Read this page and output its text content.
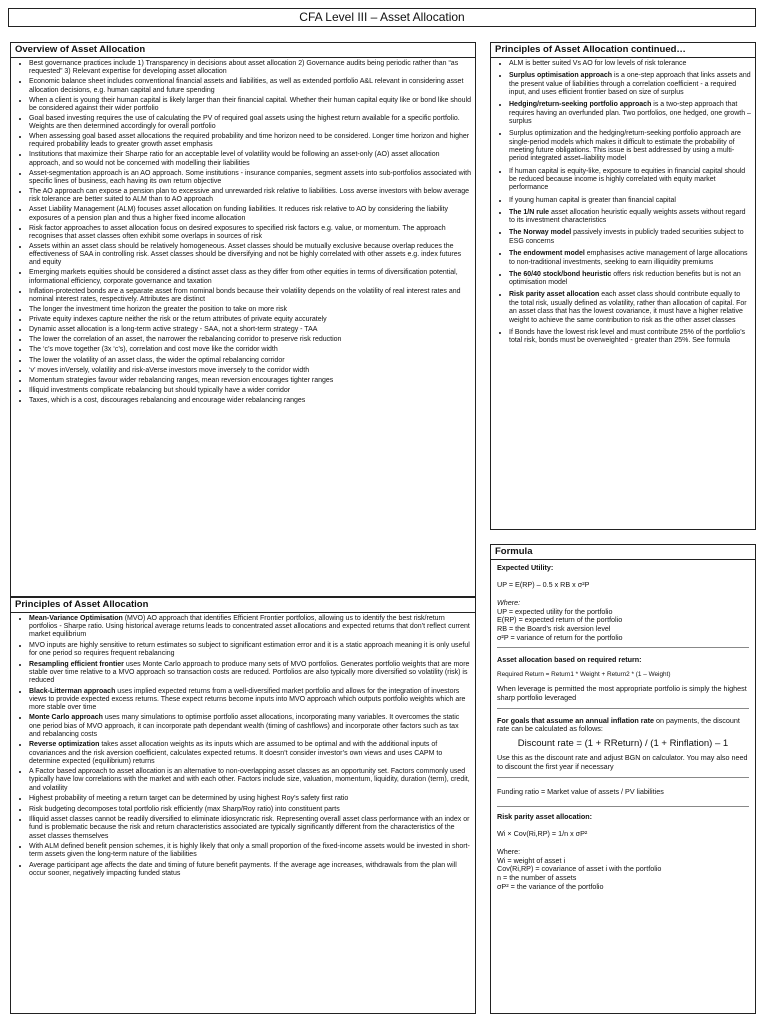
CFA Level III – Asset Allocation
Overview of Asset Allocation
• Best governance practices include 1) Transparency in decisions about asset allocation 2) Governance audits being periodic rather than “as requested” 3) Relevant expertise for developing asset allocation
• Economic balance sheet includes conventional financial assets and liabilities, as well as extended portfolio A&L relevant in considering asset allocation decisions, e.g. human capital and future spending
• When a client is young their human capital is likely larger than their financial capital. Whether their human capital equity like or bond like should be considered against their wider portfolio
• Goal based investing requires the use of calculating the PV of required goal assets using the highest return available for a specific portfolio. Weights are then determined accordingly for overall portfolio
• When assessing goal based asset allocations the required probability and time horizon need to be considered. Longer time horizon and higher required probability leads to greater growth asset emphasis
• Institutions that maximize their Sharpe ratio for an acceptable level of volatility would be following an asset-only (AO) asset allocation approach, and so would not be concerned with modelling their liabilities
• Asset-segmentation approach is an AO approach. Some institutions - insurance companies, segment assets into sub-portfolios associated with specific lines of business, each having its own return objective
• The AO approach can expose a pension plan to excessive and unrewarded risk relative to liabilities. Loss averse investors with below average risk tolerance are better suited to ALM than to AO approach
• Asset Liability Management (ALM) focuses asset allocation on funding liabilities. It reduces risk relative to AO by considering the liability exposures of a pension plan and thus a higher fixed income allocation
• Risk factor approaches to asset allocation focus on desired exposures to specified risk factors e.g. value, or momentum. The approach recognises that asset classes often exhibit some overlaps in sources of risk
• Assets within an asset class should be relatively homogeneous. Asset classes should be mutually exclusive because overlap reduces the effectiveness of SAA in controlling risk. Asset classes should be diversifying and not be highly correlated with other assets e.g. index futures and equity
• Emerging markets equities should be considered a distinct asset class as they differ from other equities in terms of diversification potential, informational efficiency, corporate governance and taxation
• Inflation-protected bonds are a separate asset from nominal bonds because their volatility depends on the volatility of real interest rates and nominal interest rates, respectively. Attributes are distinct
• The longer the investment time horizon the greater the position to take on more risk
• Private equity indexes capture neither the risk or the return attributes of private equity accurately
• Dynamic asset allocation is a long-term active strategy - SAA, not a short-term strategy - TAA
• The lower the correlation of an asset, the narrower the rebalancing corridor to preserve risk reduction
• The ‘c’s move together (3x ‘c’s), correlation and cost move like the corridor width
• The lower the volatility of an asset class, the wider the optimal rebalancing corridor
• ‘v’ moves inVersely, volatility and risk-aVerse investors move inversely to the corridor width
• Momentum strategies favour wider rebalancing ranges, mean reversion encourages tighter ranges
• Illiquid investments complicate rebalancing but should typically have a wider corridor
• Taxes, which is a cost, discourages rebalancing and encourage wider rebalancing ranges
Principles of Asset Allocation
• Mean-Variance Optimisation (MVO) AO approach that identifies Efficient Frontier portfolios, allowing us to identify the best risk/return portfolios - Sharpe ratio. Using historical average returns leads to concentrated asset allocations and expected returns that don’t reflect current market equilibrium
• MVO inputs are highly sensitive to return estimates so subject to significant estimation error and it is a static approach meaning it is only useful for one period so requires frequent rebalancing
• Resampling efficient frontier uses Monte Carlo approach to produce many sets of MVO portfolios. Generates portfolio weights that are more stable over time relative to a MVO approach so transaction costs are reduced. Portfolios are also typically more diversified so volatility (risk) is reduced
• Black-Litterman approach uses implied expected returns from a well-diversified market portfolio and allows for the integration of investors views to provide expected excess returns. These expect returns become inputs into MVO approach which outputs portfolio weights which are more stable over time
• Monte Carlo approach uses many simulations to optimise portfolio asset allocations, incorporating many variables. It overcomes the static one period bias of MVO approach, it can incorporate path dependant wealth (timing of cashflows) and incorporate other factors such as tax and rebalancing costs
• Reverse optimization takes asset allocation weights as its inputs which are assumed to be optimal and with the additional inputs of covariances and the risk aversion coefficient, calculates expected returns. It doesn’t consider investor’s own views and uses CAPM to determine expected (equilibrium) returns
• A Factor based approach to asset allocation is an alternative to non-overlapping asset classes as an opportunity set. Factors commonly used typically have low correlations with the market and with each other. Factors include size, valuation, momentum, liquidity, duration (term), credit, and volatility
• Highest probability of meeting a return target can be determined by using highest Roy’s safety first ratio
• Risk budgeting decomposes total portfolio risk efficiently (max Sharp/Roy ratio) into constituent parts
• Illiquid asset classes cannot be readily diversified to eliminate idiosyncratic risk. Representing overall asset class performance with an index or fund is problematic because the risk and return characteristics associated are typically significantly different from the characteristics of the asset classes themselves
• With ALM defined benefit pension schemes, it is highly likely that only a small proportion of the fixed-income assets would be invested in short-term assets given the long-term nature of the liabilities
• Average participant age affects the date and timing of future benefit payments. If the average age increases, withdrawals from the plan will occur sooner, negatively impacting funded status
Principles of Asset Allocation continued…
• ALM is better suited Vs AO for low levels of risk tolerance
• Surplus optimisation approach is a one-step approach that links assets and the present value of liabilities through a correlation coefficient - a required input, and uses efficient frontier based on size of surplus
• Hedging/return-seeking portfolio approach is a two-step approach that requires having an overfunded plan. Two portfolios, one hedged, one growth – surplus
• Surplus optimization and the hedging/return-seeking portfolio approach are single-period models which makes it difficult to estimate the probability of meeting future obligations. This issue is best addressed by using a multi-period integrated asset–liability model
• If human capital is equity-like, exposure to equities in financial capital should be reduced because income is highly correlated with equity market performance
• If young human capital is greater than financial capital
• The 1/N rule asset allocation heuristic equally weights assets without regard to its investment characteristics
• The Norway model passively invests in publicly traded securities subject to ESG concerns
• The endowment model emphasises active management of large allocations to non-traditional investments, seeking to earn illiquidity premiums
• The 60/40 stock/bond heuristic offers risk reduction benefits but is not an optimisation model
• Risk parity asset allocation each asset class should contribute equally to the total risk, usually defined as volatility, rather than allocation of capital. For an asset class that has the lowest covariance, it must have a higher relative weight to achieve the same contribution to risk as the other asset classes
• If Bonds have the lowest risk level and must contribute 25% of the portfolio’s total risk, bonds must be overweighted - greater than 25%. See formula
Formula
Expected Utility:
UP = E(RP) – 0.5 x RB x σ²P
Where:
UP = expected utility for the portfolio
E(RP) = expected return of the portfolio
RB = the Board’s risk aversion level
σ²P = variance of return for the portfolio
Asset allocation based on required return:
Required Return = Return1 * Weight + Return2 * (1 – Weight)
When leverage is permitted the most appropriate portfolio is simply the highest sharp portfolio leveraged
For goals that assume an annual inflation rate on payments, the discount rate can be calculated as follows:
Discount rate = (1 + RReturn) / (1 + Rinflation) – 1
Use this as the discount rate and adjust BGN on calculator. You may also need to discount the first year if necessary
Funding ratio = Market value of assets / PV liabilities
Risk parity asset allocation:
Wi × Cov(Ri,RP) = 1/n x σP²
Where:
Wi = weight of asset i
Cov(Ri,RP) = covariance of asset i with the portfolio
n = the number of assets
σP² = the variance of the portfolio
